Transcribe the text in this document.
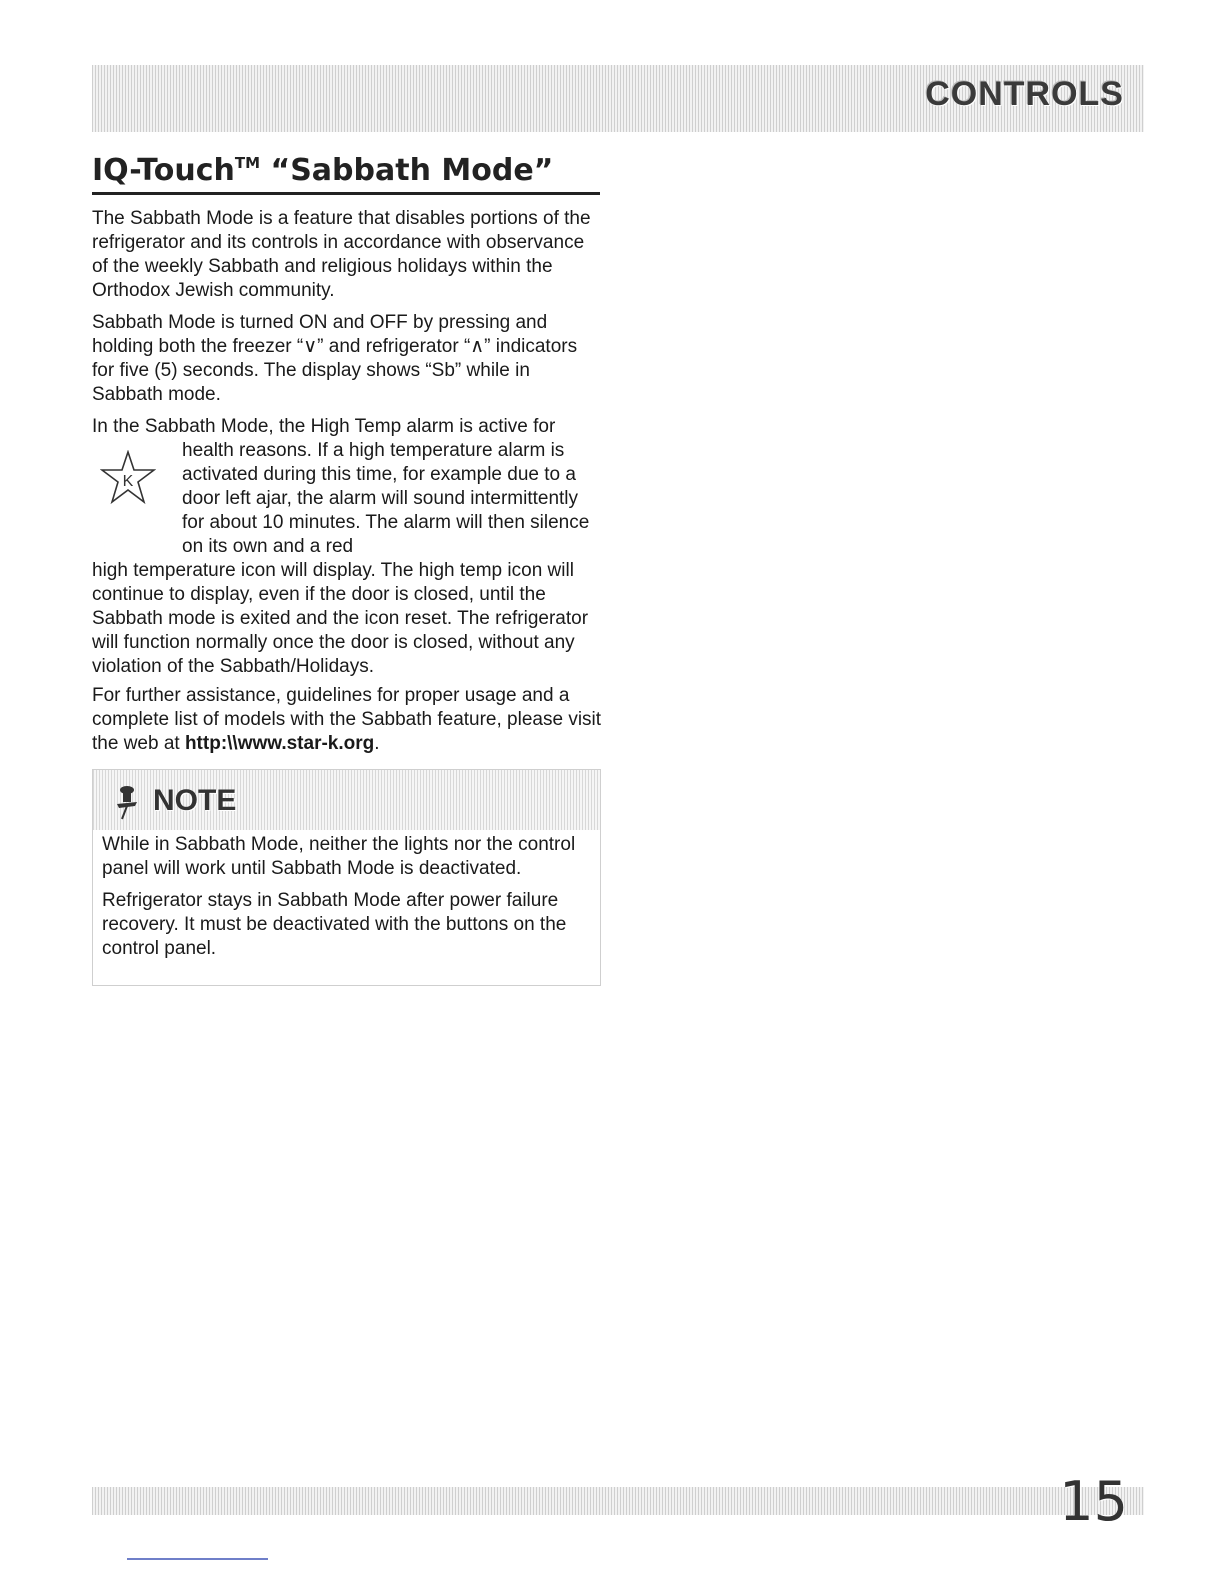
CONTROLS
IQ-Touch™ “Sabbath Mode”

The Sabbath Mode is a feature that disables portions of the refrigerator and its controls in accordance with observance of the weekly Sabbath and religious holidays within the Orthodox Jewish community.

Sabbath Mode is turned ON and OFF by pressing and holding both the freezer “∨” and refrigerator “∧” indicators for five (5) seconds. The display shows “Sb” while in Sabbath mode.

In the Sabbath Mode, the High Temp alarm is active for
health reasons. If a high temperature alarm is activated during this time, for example due to a door left ajar, the alarm will sound intermittently for about 10 minutes. The alarm will then silence on its own and a red
high temperature icon will display. The high temp icon will continue to display, even if the door is closed, until the Sabbath mode is exited and the icon reset. The refrigerator will function normally once the door is closed, without any violation of the Sabbath/Holidays.
K

For further assistance, guidelines for proper usage and a complete list of models with the Sabbath feature, please visit the web at http:\\www.star-k.org.

NOTE

While in Sabbath Mode, neither the lights nor the control panel will work until Sabbath Mode is deactivated.

Refrigerator stays in Sabbath Mode after power failure recovery. It must be deactivated with the buttons on the control panel.

15
